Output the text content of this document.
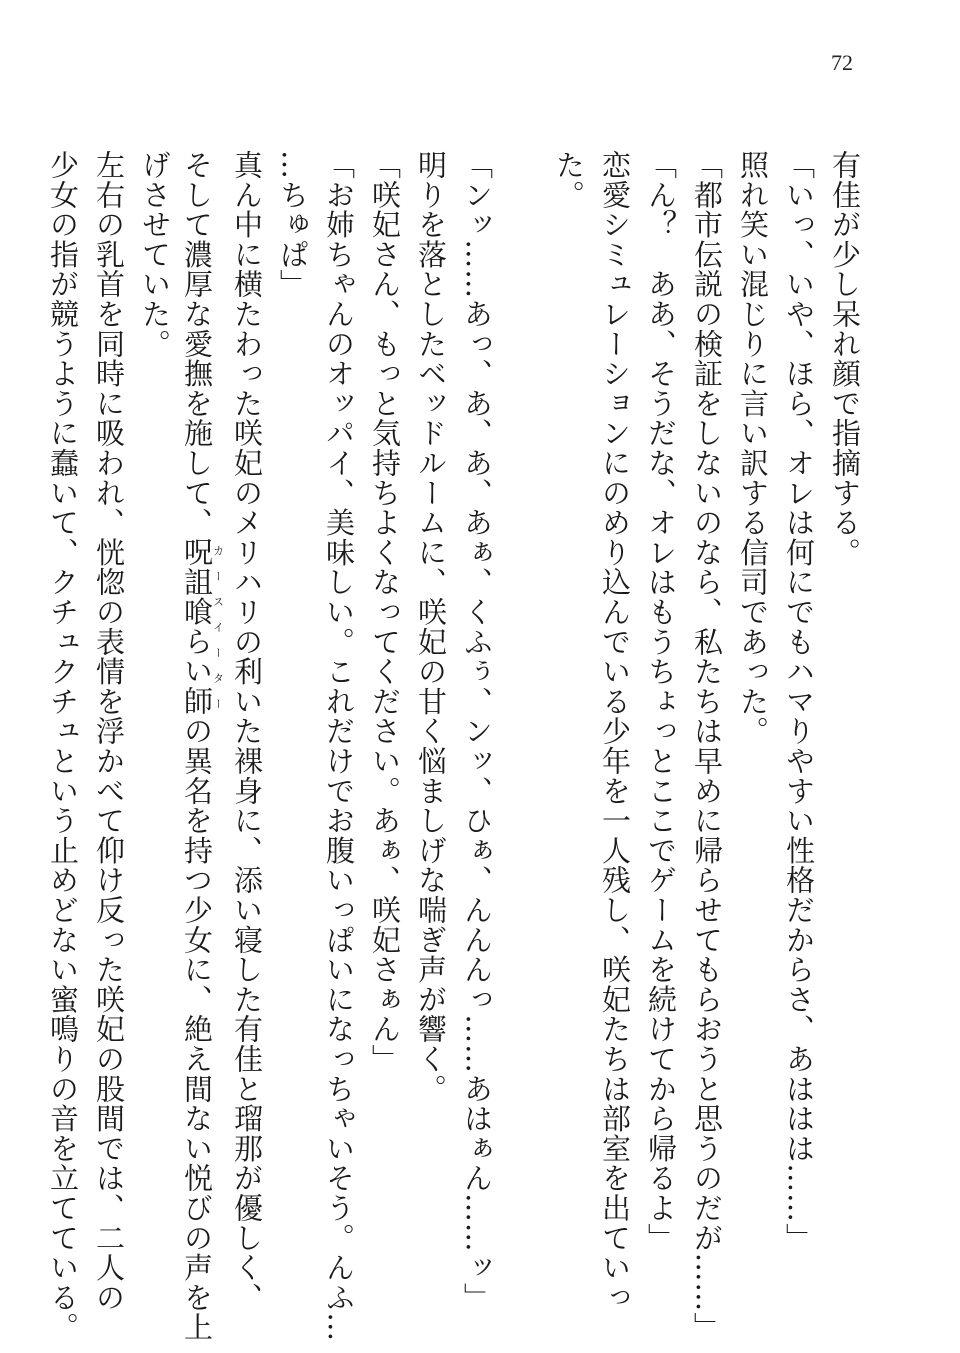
72
有佳が少し呆れ顔で指摘する。
「いっ、いや、ほら、オレは何にでもハマりやすい性格だからさ、あははは……」
照れ笑い混じりに言い訳する信司であった。
「都市伝説の検証をしないのなら、私たちは早めに帰らせてもらおうと思うのだが……」
「ん？　ああ、そうだな、オレはもうちょっとここでゲームを続けてから帰るよ」
恋愛シミュレーションにのめり込んでいる少年を一人残し、咲妃たちは部室を出ていっ
た。
「ンッ……あっ、あ、あ、あぁ、くふぅ、ンッ、ひぁ、んんんっ……あはぁん……ッ」
明りを落としたベッドルームに、咲妃の甘く悩ましげな喘ぎ声が響く。
「咲妃さん、もっと気持ちよくなってください。あぁ、咲妃さぁん」
「お姉ちゃんのオッパイ、美味しい。これだけでお腹いっぱいになっちゃいそう。んふ…
…ちゅぱ」
真ん中に横たわった咲妃のメリハリの利いた裸身に、添い寝した有佳と瑠那が優しく、
そして濃厚な愛撫を施して、呪詛喰らい師カースイーターの異名を持つ少女に、絶え間ない悦びの声を上
げさせていた。
左右の乳首を同時に吸われ、恍惚の表情を浮かべて仰け反った咲妃の股間では、二人の
少女の指が競うように蠢いて、クチュクチュという止めどない蜜鳴りの音を立てている。
